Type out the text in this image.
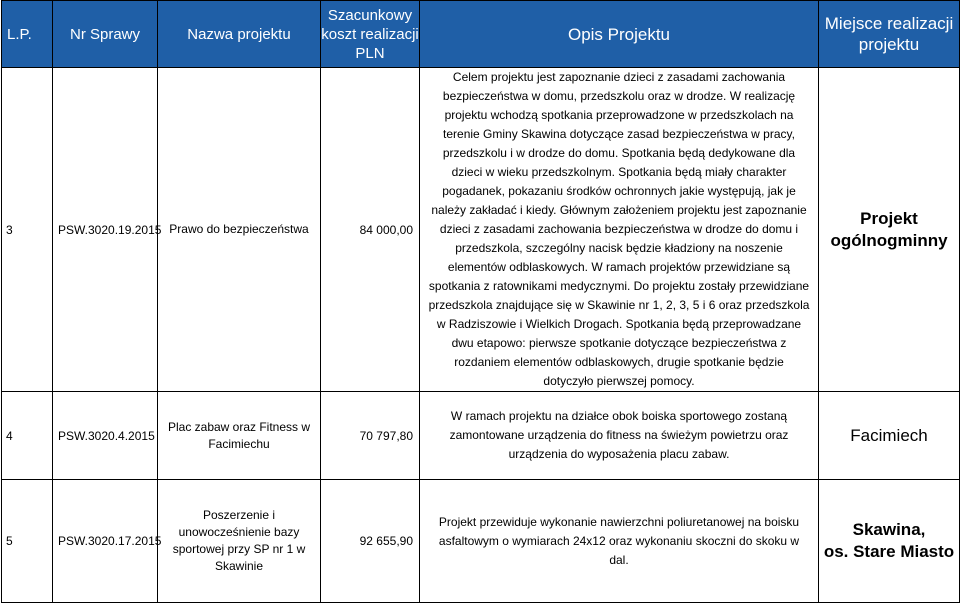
L.P.	Nr Sprawy	Nazwa projektu	Szacunkowy
koszt realizacji
PLN	Opis Projektu	Miejsce realizacji
projektu

3	PSW.3020.19.2015	Prawo do bezpieczeństwa	84 000,00	Celem projektu jest zapoznanie dzieci z zasadami zachowania bezpieczeństwa w domu, przedszkolu oraz w drodze. W realizację projektu wchodzą spotkania przeprowadzone w przedszkolach na terenie Gminy Skawina dotyczące zasad bezpieczeństwa w pracy, przedszkolu i w drodze do domu. Spotkania będą dedykowane dla dzieci w wieku przedszkolnym. Spotkania będą miały charakter pogadanek, pokazaniu środków ochronnych jakie występują, jak je należy zakładać i kiedy. Głównym założeniem projektu jest zapoznanie dzieci z zasadami zachowania bezpieczeństwa w drodze do domu i przedszkola, szczególny nacisk będzie kładziony na noszenie elementów odblaskowych. W ramach projektów przewidziane są spotkania z ratownikami medycznymi. Do projektu zostały przewidziane przedszkola znajdujące się w Skawinie nr 1, 2, 3, 5 i 6 oraz przedszkola w Radziszowie i Wielkich Drogach. Spotkania będą przeprowadzane dwu etapowo: pierwsze spotkanie dotyczące bezpieczeństwa z rozdaniem elementów odblaskowych, drugie spotkanie będzie dotyczyło pierwszej pomocy.	Projekt
ogólnogminny

4	PSW.3020.4.2015	Plac zabaw oraz Fitness w Facimiechu	70 797,80	W ramach projektu na działce obok boiska sportowego zostaną zamontowane urządzenia do fitness na świeżym powietrzu oraz urządzenia do wyposażenia placu zabaw.	Facimiech

5	PSW.3020.17.2015	Poszerzenie i unowocześnienie bazy sportowej przy SP nr 1 w Skawinie	92 655,90	Projekt przewiduje wykonanie nawierzchni poliuretanowej na boisku asfaltowym o wymiarach 24x12 oraz wykonaniu skoczni do skoku w dal.	Skawina,
os. Stare Miasto
